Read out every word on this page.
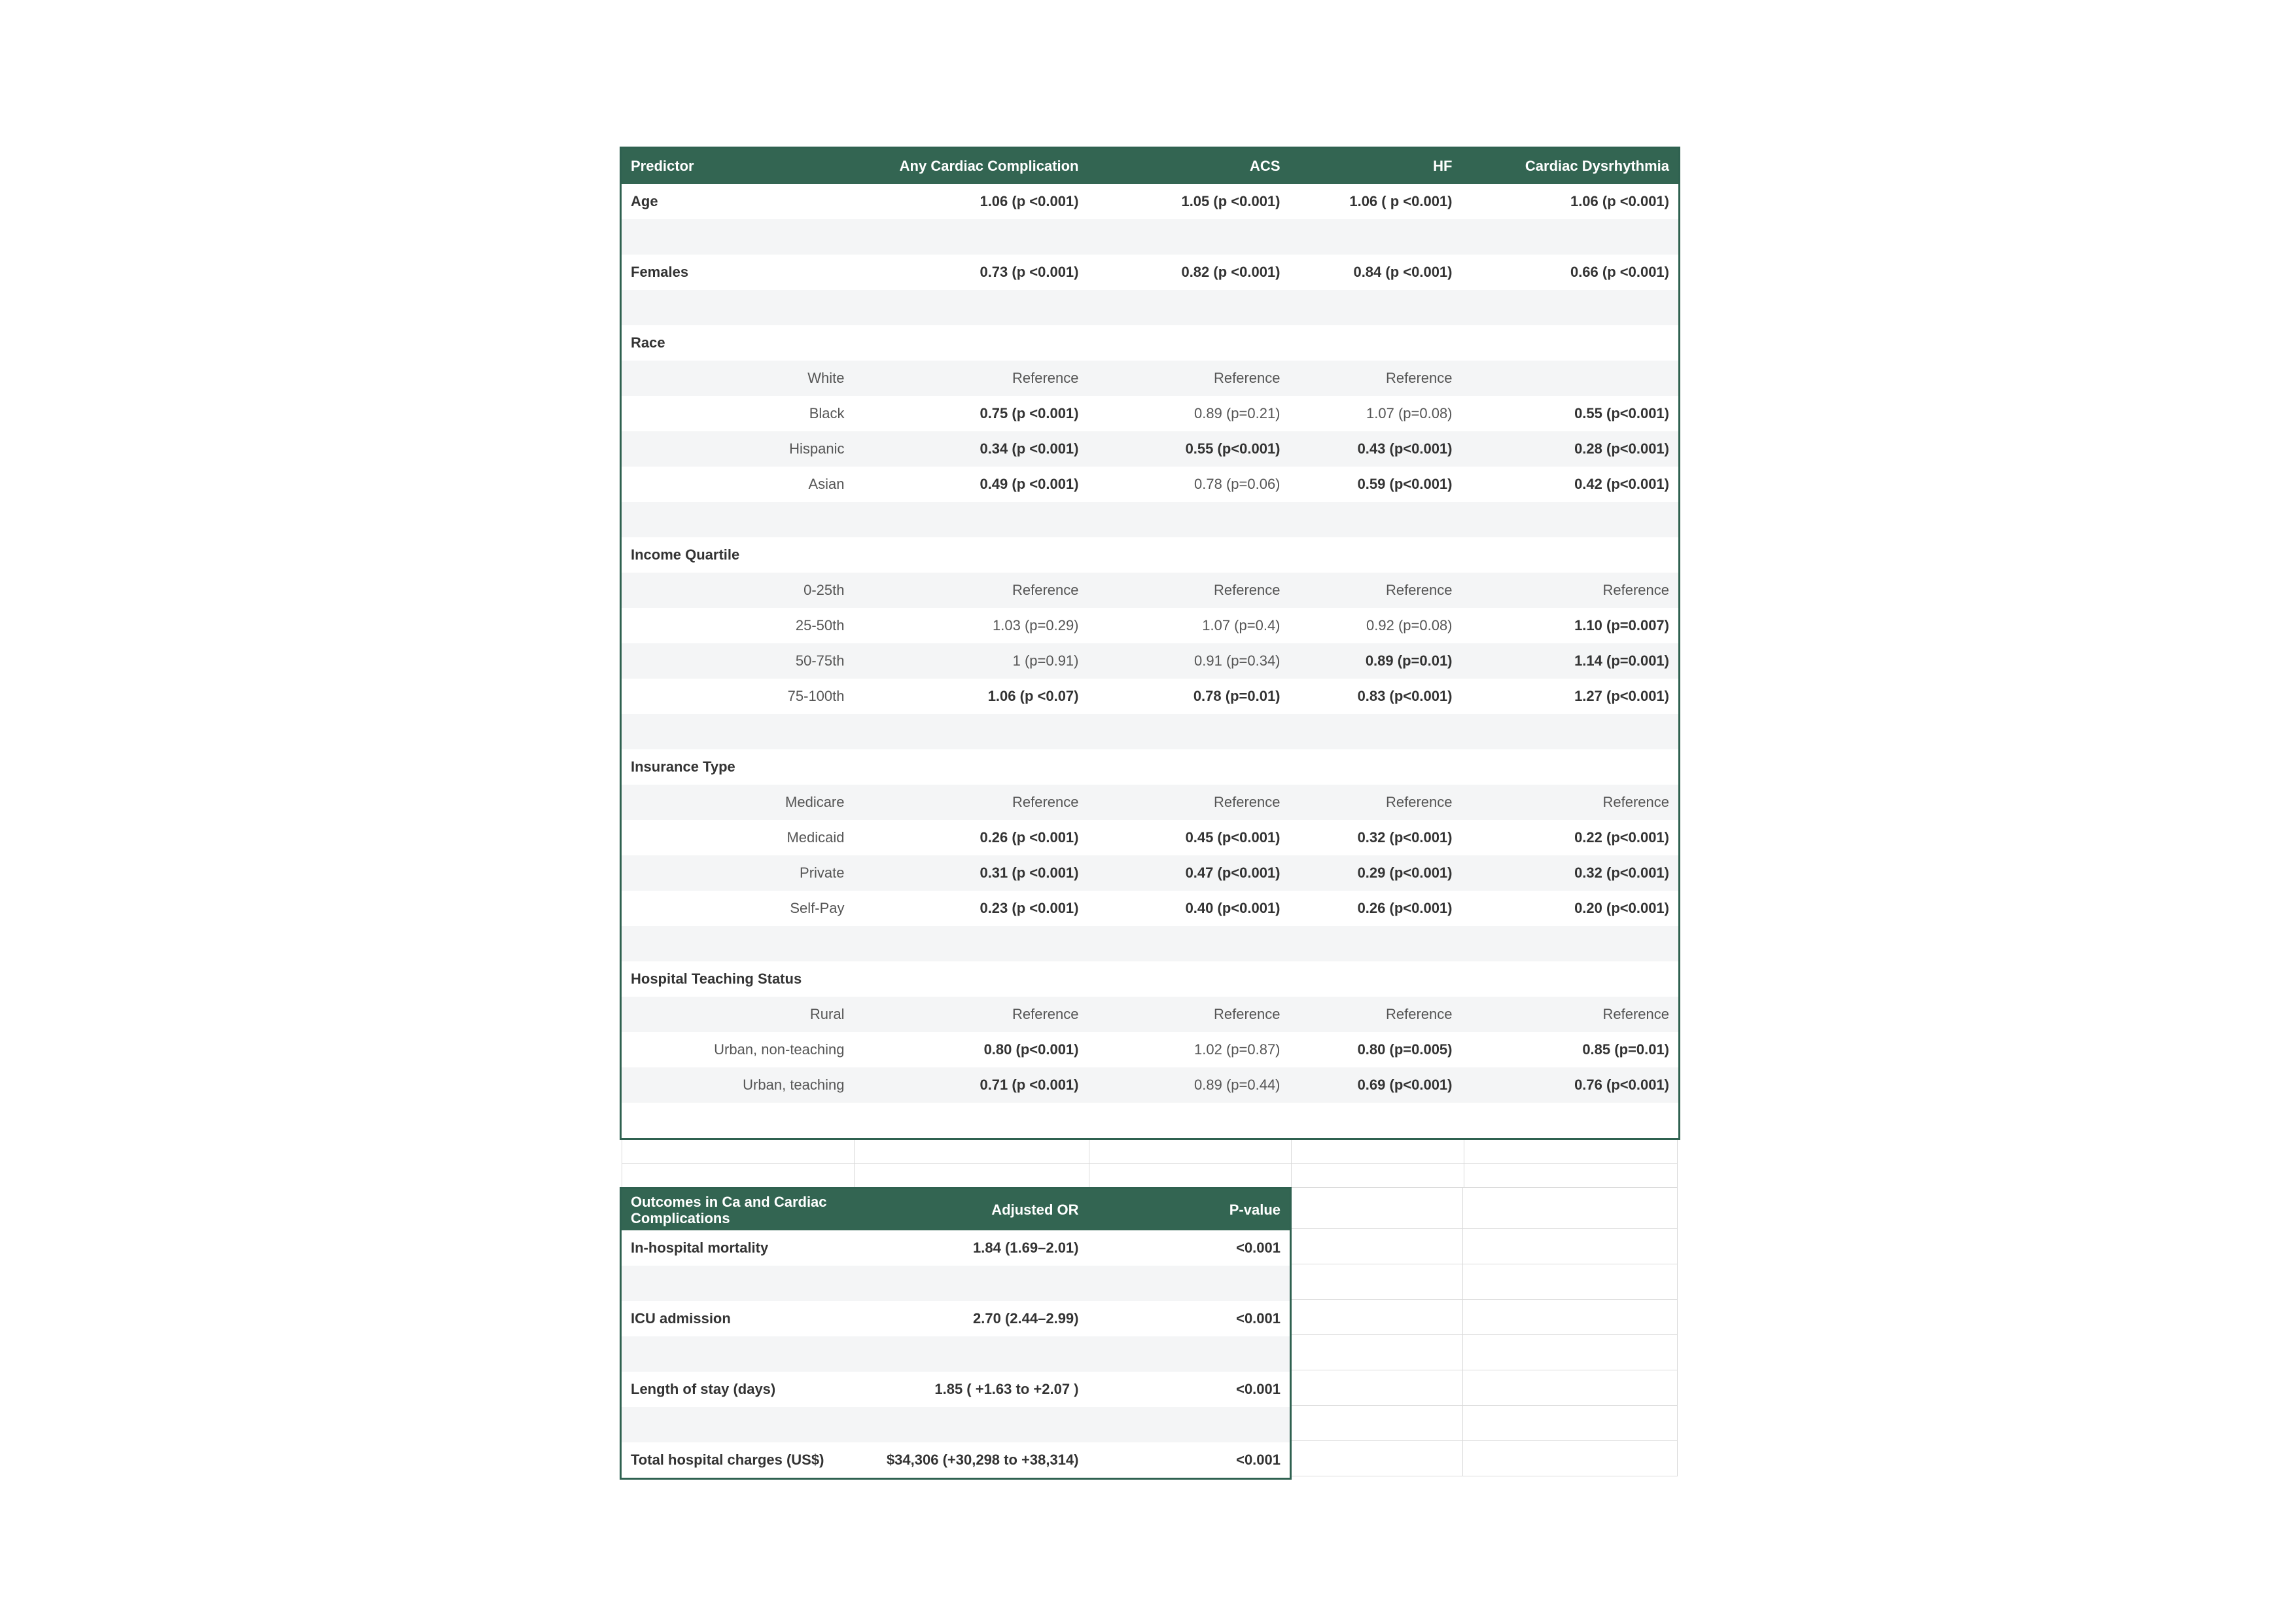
Predictor	Any Cardiac Complication	ACS	HF	Cardiac Dysrhythmia
Age	1.06 (p <0.001)	1.05 (p <0.001)	1.06 ( p <0.001)	1.06 (p <0.001)

Females	0.73 (p <0.001)	0.82 (p <0.001)	0.84 (p <0.001)	0.66 (p <0.001)

Race				
White	Reference	Reference	Reference	
Black	0.75 (p <0.001)	0.89 (p=0.21)	1.07 (p=0.08)	0.55 (p<0.001)
Hispanic	0.34 (p <0.001)	0.55 (p<0.001)	0.43 (p<0.001)	0.28 (p<0.001)
Asian	0.49 (p <0.001)	0.78 (p=0.06)	0.59 (p<0.001)	0.42 (p<0.001)

Income Quartile				
0-25th	Reference	Reference	Reference	Reference
25-50th	1.03 (p=0.29)	1.07 (p=0.4)	0.92 (p=0.08)	1.10 (p=0.007)
50-75th	1 (p=0.91)	0.91 (p=0.34)	0.89 (p=0.01)	1.14 (p=0.001)
75-100th	1.06 (p <0.07)	0.78 (p=0.01)	0.83 (p<0.001)	1.27 (p<0.001)

Insurance Type				
Medicare	Reference	Reference	Reference	Reference
Medicaid	0.26 (p <0.001)	0.45 (p<0.001)	0.32 (p<0.001)	0.22 (p<0.001)
Private	0.31 (p <0.001)	0.47 (p<0.001)	0.29 (p<0.001)	0.32 (p<0.001)
Self-Pay	0.23 (p <0.001)	0.40 (p<0.001)	0.26 (p<0.001)	0.20 (p<0.001)

Hospital Teaching Status				
Rural	Reference	Reference	Reference	Reference
Urban, non-teaching	0.80 (p<0.001)	1.02 (p=0.87)	0.80 (p=0.005)	0.85 (p=0.01)
Urban, teaching	0.71 (p <0.001)	0.89 (p=0.44)	0.69 (p<0.001)	0.76 (p<0.001)

Outcomes in Ca and Cardiac Complications	Adjusted OR	P-value
In-hospital mortality	1.84 (1.69–2.01)	<0.001

ICU admission	2.70 (2.44–2.99)	<0.001

Length of stay (days)	1.85 ( +1.63 to +2.07 )	<0.001

Total hospital charges (US$)	$34,306 (+30,298 to +38,314)	<0.001
